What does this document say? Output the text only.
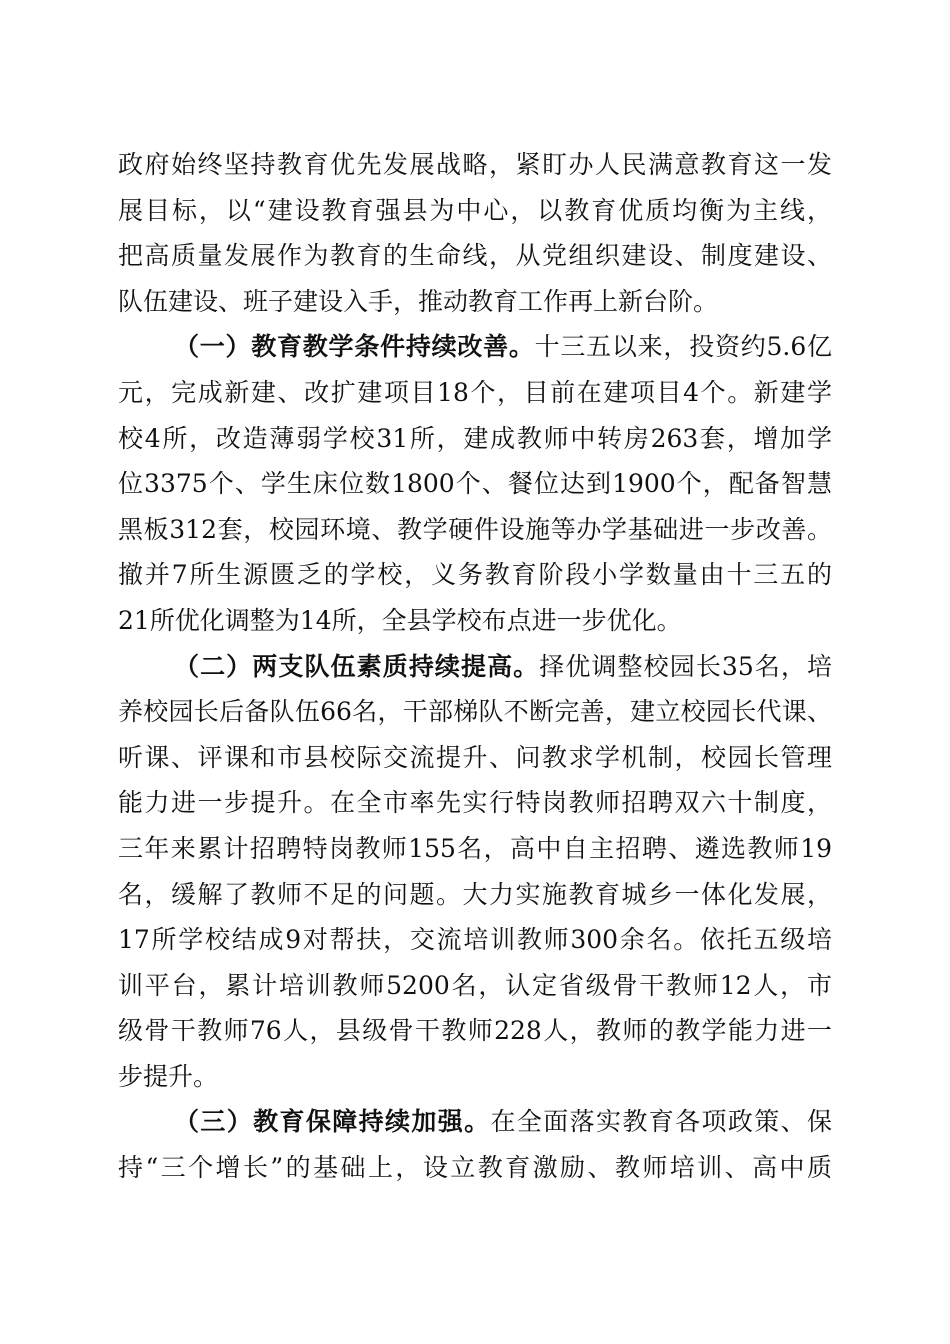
政府始终坚持教育优先发展战略，紧盯办人民满意教育这一发
展目标，以“建设教育强县为中心，以教育优质均衡为主线，
把高质量发展作为教育的生命线，从党组织建设、制度建设、
队伍建设、班子建设入手，推动教育工作再上新台阶。
（一）教育教学条件持续改善。十三五以来，投资约5.6亿
元，完成新建、改扩建项目18个，目前在建项目4个。新建学
校4所，改造薄弱学校31所，建成教师中转房263套，增加学
位3375个、学生床位数1800个、餐位达到1900个，配备智慧
黑板312套，校园环境、教学硬件设施等办学基础进一步改善。
撤并7所生源匮乏的学校，义务教育阶段小学数量由十三五的
21所优化调整为14所，全县学校布点进一步优化。
（二）两支队伍素质持续提高。择优调整校园长35名，培
养校园长后备队伍66名，干部梯队不断完善，建立校园长代课、
听课、评课和市县校际交流提升、问教求学机制，校园长管理
能力进一步提升。在全市率先实行特岗教师招聘双六十制度，
三年来累计招聘特岗教师155名，高中自主招聘、遴选教师19
名，缓解了教师不足的问题。大力实施教育城乡一体化发展，
17所学校结成9对帮扶，交流培训教师300余名。依托五级培
训平台，累计培训教师5200名，认定省级骨干教师12人，市
级骨干教师76人，县级骨干教师228人，教师的教学能力进一
步提升。
（三）教育保障持续加强。在全面落实教育各项政策、保
持“三个增长”的基础上，设立教育激励、教师培训、高中质
